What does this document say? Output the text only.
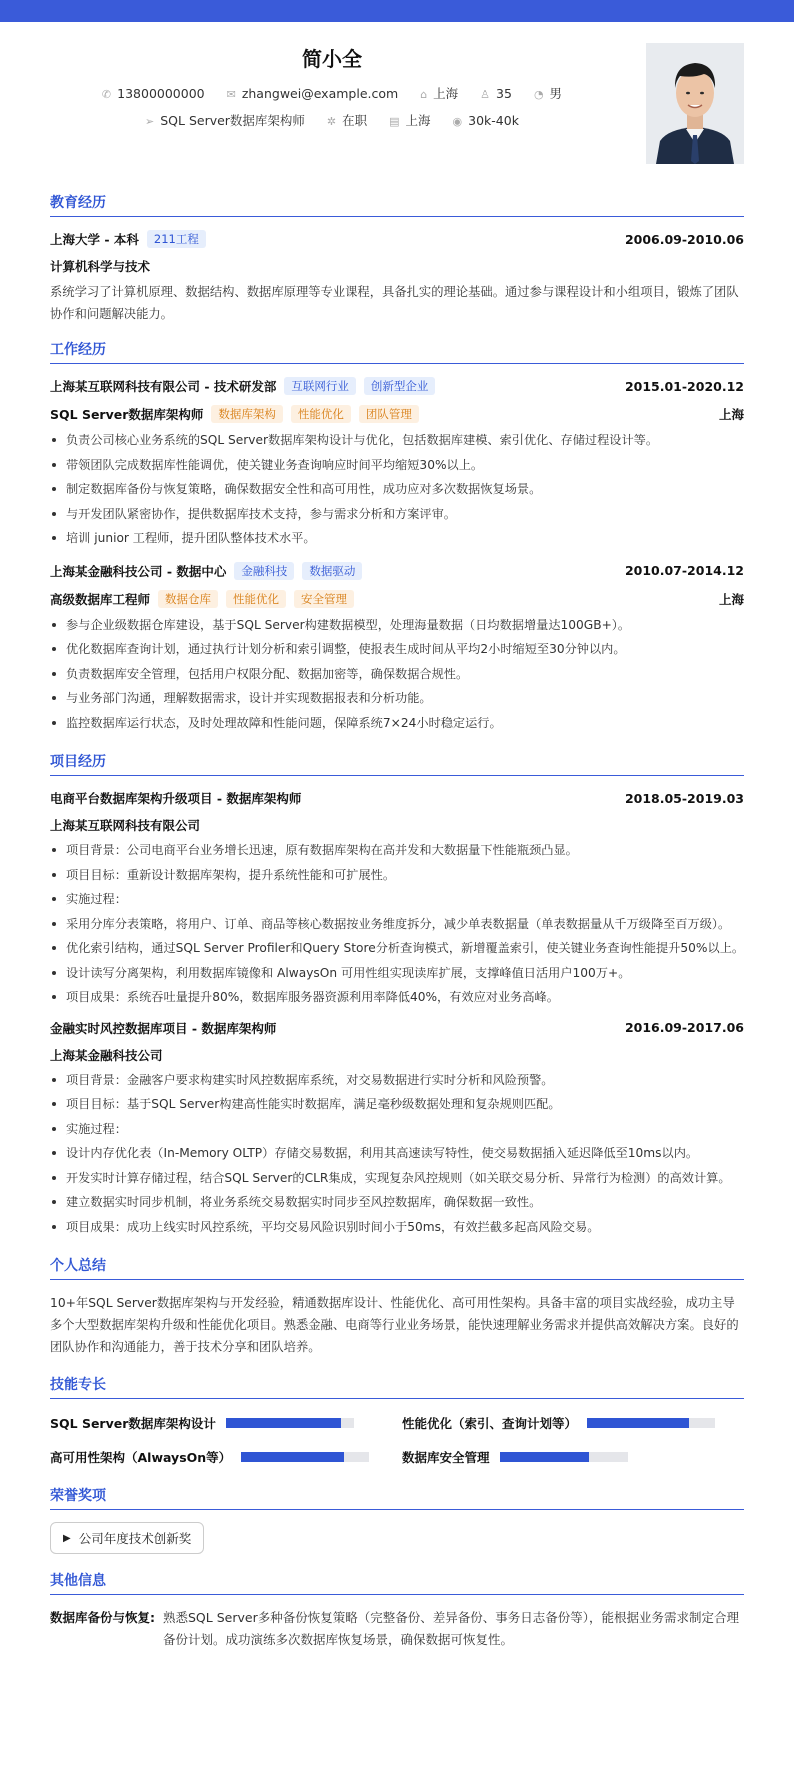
简小全
✆ 13800000000 ✉ zhangwei@example.com ⌂ 上海 ♙ 35 ◔ 男
➢ SQL Server数据库架构师 ✲ 在职 ▤ 上海 ◉ 30k-40k
教育经历
上海大学 - 本科	211工程	2006.09-2010.06
计算机科学与技术
系统学习了计算机原理、数据结构、数据库原理等专业课程，具备扎实的理论基础。通过参与课程设计和小组项目，锻炼了团队协作和问题解决能力。
工作经历
上海某互联网科技有限公司 - 技术研发部	互联网行业	创新型企业	2015.01-2020.12
SQL Server数据库架构师	数据库架构	性能优化	团队管理	上海
负责公司核心业务系统的SQL Server数据库架构设计与优化，包括数据库建模、索引优化、存储过程设计等。
带领团队完成数据库性能调优，使关键业务查询响应时间平均缩短30%以上。
制定数据库备份与恢复策略，确保数据安全性和高可用性，成功应对多次数据恢复场景。
与开发团队紧密协作，提供数据库技术支持，参与需求分析和方案评审。
培训 junior 工程师，提升团队整体技术水平。
上海某金融科技公司 - 数据中心	金融科技	数据驱动	2010.07-2014.12
高级数据库工程师	数据仓库	性能优化	安全管理	上海
参与企业级数据仓库建设，基于SQL Server构建数据模型，处理海量数据（日均数据增量达100GB+）。
优化数据库查询计划，通过执行计划分析和索引调整，使报表生成时间从平均2小时缩短至30分钟以内。
负责数据库安全管理，包括用户权限分配、数据加密等，确保数据合规性。
与业务部门沟通，理解数据需求，设计并实现数据报表和分析功能。
监控数据库运行状态，及时处理故障和性能问题，保障系统7×24小时稳定运行。
项目经历
电商平台数据库架构升级项目 - 数据库架构师	2018.05-2019.03
上海某互联网科技有限公司
项目背景：公司电商平台业务增长迅速，原有数据库架构在高并发和大数据量下性能瓶颈凸显。
项目目标：重新设计数据库架构，提升系统性能和可扩展性。
实施过程：
采用分库分表策略，将用户、订单、商品等核心数据按业务维度拆分，减少单表数据量（单表数据量从千万级降至百万级）。
优化索引结构，通过SQL Server Profiler和Query Store分析查询模式，新增覆盖索引，使关键业务查询性能提升50%以上。
设计读写分离架构，利用数据库镜像和 AlwaysOn 可用性组实现读库扩展，支撑峰值日活用户100万+。
项目成果：系统吞吐量提升80%，数据库服务器资源利用率降低40%，有效应对业务高峰。
金融实时风控数据库项目 - 数据库架构师	2016.09-2017.06
上海某金融科技公司
项目背景：金融客户要求构建实时风控数据库系统，对交易数据进行实时分析和风险预警。
项目目标：基于SQL Server构建高性能实时数据库，满足毫秒级数据处理和复杂规则匹配。
实施过程：
设计内存优化表（In-Memory OLTP）存储交易数据，利用其高速读写特性，使交易数据插入延迟降低至10ms以内。
开发实时计算存储过程，结合SQL Server的CLR集成，实现复杂风控规则（如关联交易分析、异常行为检测）的高效计算。
建立数据实时同步机制，将业务系统交易数据实时同步至风控数据库，确保数据一致性。
项目成果：成功上线实时风控系统，平均交易风险识别时间小于50ms，有效拦截多起高风险交易。
个人总结
10+年SQL Server数据库架构与开发经验，精通数据库设计、性能优化、高可用性架构。具备丰富的项目实战经验，成功主导多个大型数据库架构升级和性能优化项目。熟悉金融、电商等行业业务场景，能快速理解业务需求并提供高效解决方案。良好的团队协作和沟通能力，善于技术分享和团队培养。
技能专长
SQL Server数据库架构设计	性能优化（索引、查询计划等）
高可用性架构（AlwaysOn等）	数据库安全管理
荣誉奖项
▶ 公司年度技术创新奖
其他信息
数据库备份与恢复: 熟悉SQL Server多种备份恢复策略（完整备份、差异备份、事务日志备份等），能根据业务需求制定合理备份计划。成功演练多次数据库恢复场景，确保数据可恢复性。
